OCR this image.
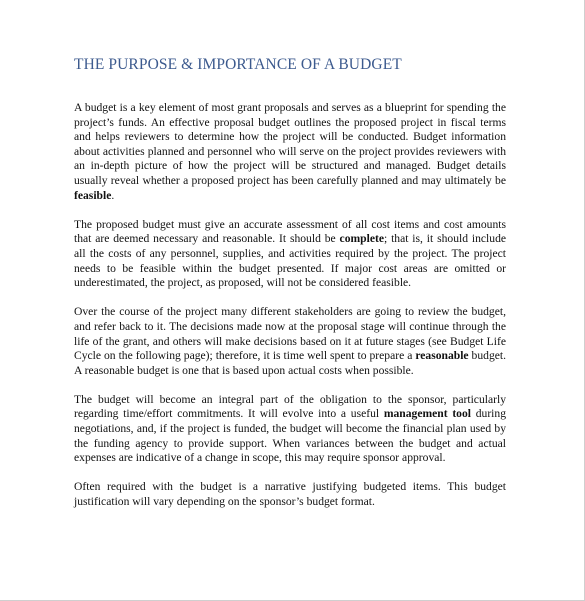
THE PURPOSE & IMPORTANCE OF A BUDGET

A budget is a key element of most grant proposals and serves as a blueprint for spending the project’s funds. An effective proposal budget outlines the proposed project in fiscal terms and helps reviewers to determine how the project will be conducted. Budget information about activities planned and personnel who will serve on the project provides reviewers with an in-depth picture of how the project will be structured and managed. Budget details usually reveal whether a proposed project has been carefully planned and may ultimately be feasible.

The proposed budget must give an accurate assessment of all cost items and cost amounts that are deemed necessary and reasonable. It should be complete; that is, it should include all the costs of any personnel, supplies, and activities required by the project. The project needs to be feasible within the budget presented. If major cost areas are omitted or underestimated, the project, as proposed, will not be considered feasible.

Over the course of the project many different stakeholders are going to review the budget, and refer back to it. The decisions made now at the proposal stage will continue through the life of the grant, and others will make decisions based on it at future stages (see Budget Life Cycle on the following page); therefore, it is time well spent to prepare a reasonable budget. A reasonable budget is one that is based upon actual costs when possible.

The budget will become an integral part of the obligation to the sponsor, particularly regarding time/effort commitments. It will evolve into a useful management tool during negotiations, and, if the project is funded, the budget will become the financial plan used by the funding agency to provide support. When variances between the budget and actual expenses are indicative of a change in scope, this may require sponsor approval.

Often required with the budget is a narrative justifying budgeted items. This budget justification will vary depending on the sponsor’s budget format.
